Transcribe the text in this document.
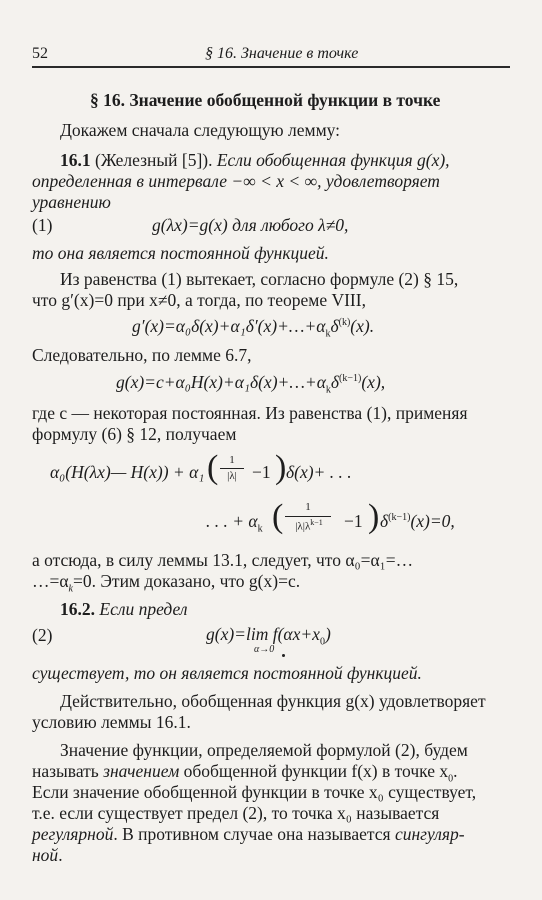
52	§ 16. Значение в точке
§ 16. Значение обобщенной функции в точке
Докажем сначала следующую лемму:
16.1 (Железный [5]). Если обобщенная функция g(x),
определенная в интервале −∞ < x < ∞, удовлетворяет
уравнению
(1)	g(λx)=g(x) для любого λ≠0,
то она является постоянной функцией.
Из равенства (1) вытекает, согласно формуле (2) § 15,
что g′(x)=0 при x≠0, а тогда, по теореме VIII,
$g'(x)=\alpha_0\delta(x)+\alpha_1\delta'(x)+\dots+\alpha_k\delta^{(k)}(x)$.
Следовательно, по лемме 6.7,
$g(x)=c+\alpha_0H(x)+\alpha_1\delta(x)+\dots+\alpha_k\delta^{(k-1)}(x)$,
где c — некоторая постоянная. Из равенства (1), применяя
формулу (6) § 12, получаем
α₀(H(λx)— H(x)) + α₁ ( 1
|λ| −1 ) δ(x)+ . . .
. . . + $\alpha_k$ (	1
$|\lambda|\lambda^{k-1}$	−1 ) $\delta^{(k-1)}(x)=0$,
а отсюда, в силу леммы 13.1, следует, что α₀=α₁=…
$\dots=\alpha_k=0$. Этим доказано, что g(x)=c.
16.2. Если предел
(2)	g(x)=lim $f(\alpha x+x_0)$
α→0
существует, то он является постоянной функцией.
Действительно, обобщенная функция g(x) удовлетворяет
условию леммы 16.1.
Значение функции, определяемой формулой (2), будем
называть значением обобщенной функции f(x) в точке $x_0$.
Если значение обобщенной функции в точке x₀ существует,
т.е. если существует предел (2), то точка x₀ называется
регулярной. В противном случае она называется сингуляр-
ной.
